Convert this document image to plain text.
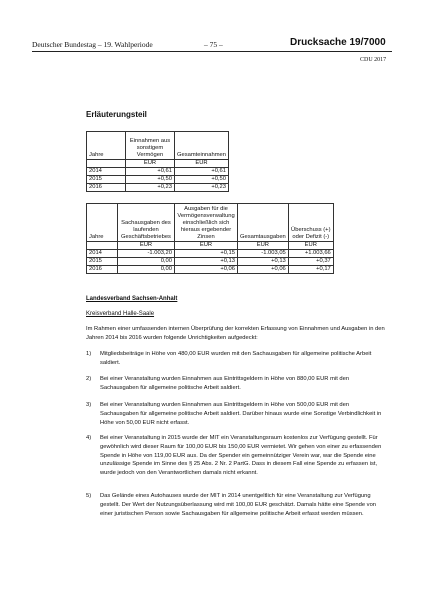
Deutscher Bundestag – 19. Wahlperiode	– 75 –	Drucksache 19/7000
CDU 2017
Erläuterungsteil
Jahre	Einnahmen aus sonstigem Vermögen	Gesamteinnahmen
	EUR	EUR
2014	+0,61	+0,61
2015	+0,50	+0,50
2016	+0,23	+0,23
Jahre	Sachausgaben des laufenden Geschäftsbetriebes	Ausgaben für die Vermögensverwaltung einschließlich sich hieraus ergebender Zinsen	Gesamtausgaben	Überschuss (+) oder Defizit (-)
	EUR	EUR	EUR	EUR
2014	-1.003,20	+0,15	-1.003,05	+1.003,66
2015	0,00	+0,13	+0,13	+0,37
2016	0,00	+0,06	+0,06	+0,17
Landesverband Sachsen-Anhalt
Kreisverband Halle-Saale
Im Rahmen einer umfassenden internen Überprüfung der korrekten Erfassung von Einnahmen und Ausgaben in den Jahren 2014 bis 2016 wurden folgende Unrichtigkeiten aufgedeckt:
1) Mitgliedsbeiträge in Höhe von 480,00 EUR wurden mit den Sachausgaben für allgemeine politische Arbeit saldiert.
2) Bei einer Veranstaltung wurden Einnahmen aus Eintrittsgeldern in Höhe von 880,00 EUR mit den Sachausgaben für allgemeine politische Arbeit saldiert.
3) Bei einer Veranstaltung wurden Einnahmen aus Eintrittsgeldern in Höhe von 500,00 EUR mit den Sachausgaben für allgemeine politische Arbeit saldiert. Darüber hinaus wurde eine Sonstige Verbindlichkeit in Höhe von 50,00 EUR nicht erfasst.
4) Bei einer Veranstaltung in 2015 wurde der MIT ein Veranstaltungsraum kostenlos zur Verfügung gestellt. Für gewöhnlich wird dieser Raum für 100,00 EUR bis 150,00 EUR vermietet. Wir gehen von einer zu erfassenden Spende in Höhe von 119,00 EUR aus. Da der Spender ein gemeinnütziger Verein war, war die Spende eine unzulässige Spende im Sinne des § 25 Abs. 2 Nr. 2 PartG. Dass in diesem Fall eine Spende zu erfassen ist, wurde jedoch von den Verantwortlichen damals nicht erkannt.
5) Das Gelände eines Autohauses wurde der MIT in 2014 unentgeltlich für eine Veranstaltung zur Verfügung gestellt. Der Wert der Nutzungsüberlassung wird mit 100,00 EUR geschätzt. Damals hätte eine Spende von einer juristischen Person sowie Sachausgaben für allgemeine politische Arbeit erfasst werden müssen.
